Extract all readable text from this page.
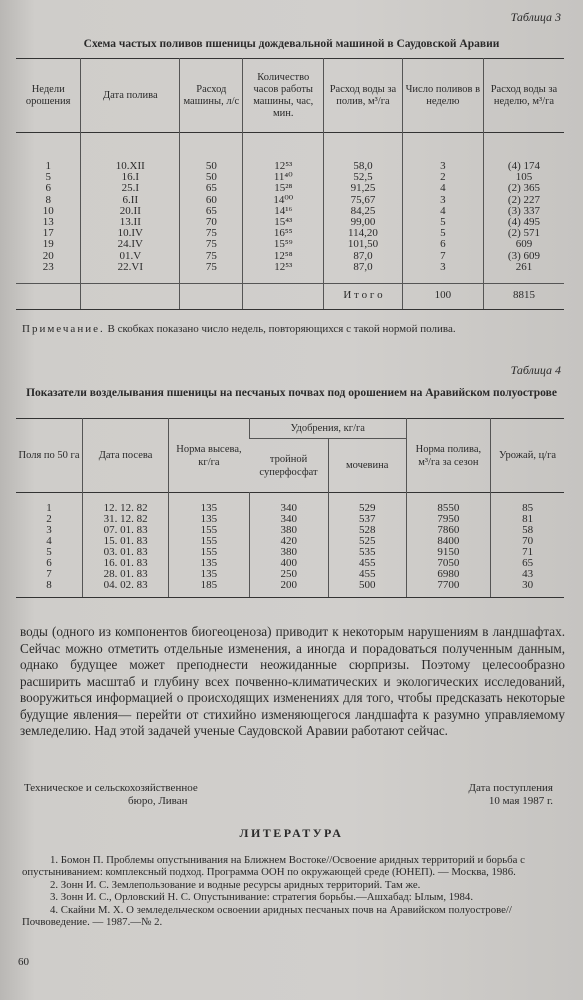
Таблица 3
Схема частых поливов пшеницы дождевальной машиной в Саудовской Аравии
Недели орошения	Дата полива	Расход машины, л/с	Количество часов работы машины, час, мин.	Расход воды за полив, м³/га	Число поливов в неделю	Расход воды за неделю, м³/га
1	10.XII	50	12⁵³	58,0	3	(4) 174
5	16.I	50	11⁴⁰	52,5	2	105
6	25.I	65	15²⁸	91,25	4	(2) 365
8	6.II	60	14⁰⁰	75,67	3	(2) 227
10	20.II	65	14¹⁶	84,25	4	(3) 337
13	13.II	70	15⁴³	99,00	5	(4) 495
17	10.IV	75	16⁵⁵	114,20	5	(2) 571
19	24.IV	75	15⁵⁹	101,50	6	609
20	01.V	75	12⁵⁸	87,0	7	(3) 609
23	22.VI	75	12⁵³	87,0	3	261
				И т о г о	100	8815
Примечание. В скобках показано число недель, повторяющихся с такой нормой полива.
Таблица 4
Показатели возделывания пшеницы на песчаных почвах под орошением на Аравийском полуострове
Поля по 50 га	Дата посева	Норма высева, кг/га	Удобрения, кг/га		Норма полива, м³/га за сезон	Урожай, ц/га
			тройной суперфосфат	мочевина		
1	12. 12. 82	135	340	529	8550	85
2	31. 12. 82	135	340	537	7950	81
3	07. 01. 83	155	380	528	7860	58
4	15. 01. 83	155	420	525	8400	70
5	03. 01. 83	155	380	535	9150	71
6	16. 01. 83	135	400	455	7050	65
7	28. 01. 83	135	250	455	6980	43
8	04. 02. 83	185	200	500	7700	30
воды (одного из компонентов биогеоценоза) приводит к некоторым нарушениям в ландшафтах. Сейчас можно отметить отдельные изменения, а иногда и порадоваться полученным данным, однако будущее может преподнести неожиданные сюрпризы. Поэтому целесообразно расширить масштаб и глубину всех почвенно-климатических и экологических исследований, вооружиться информацией о происходящих изменениях для того, чтобы предсказать некоторые будущие явления— перейти от стихийно изменяющегося ландшафта к разумно управляемому земледелию. Над этой задачей ученые Саудовской Аравии работают сейчас.
Техническое и сельскохозяйственное
бюро, Ливан
Дата поступления
10 мая 1987 г.
ЛИТЕРАТУРА

1. Бомон П. Проблемы опустынивания на Ближнем Востоке//Освоение аридных территорий и борьба с опустыниванием: комплексный подход. Программа ООН по окружающей среде (ЮНЕП). — Москва, 1986.

2. Зонн И. С. Землепользование и водные ресурсы аридных территорий. Там же.

3. Зонн И. С., Орловский Н. С. Опустынивание: стратегия борьбы.—Ашхабад: Ылым, 1984.

4. Скайни М. Х. О земледельческом освоении аридных песчаных почв на Аравийском полуострове//Почвоведение. — 1987.—№ 2.

60
